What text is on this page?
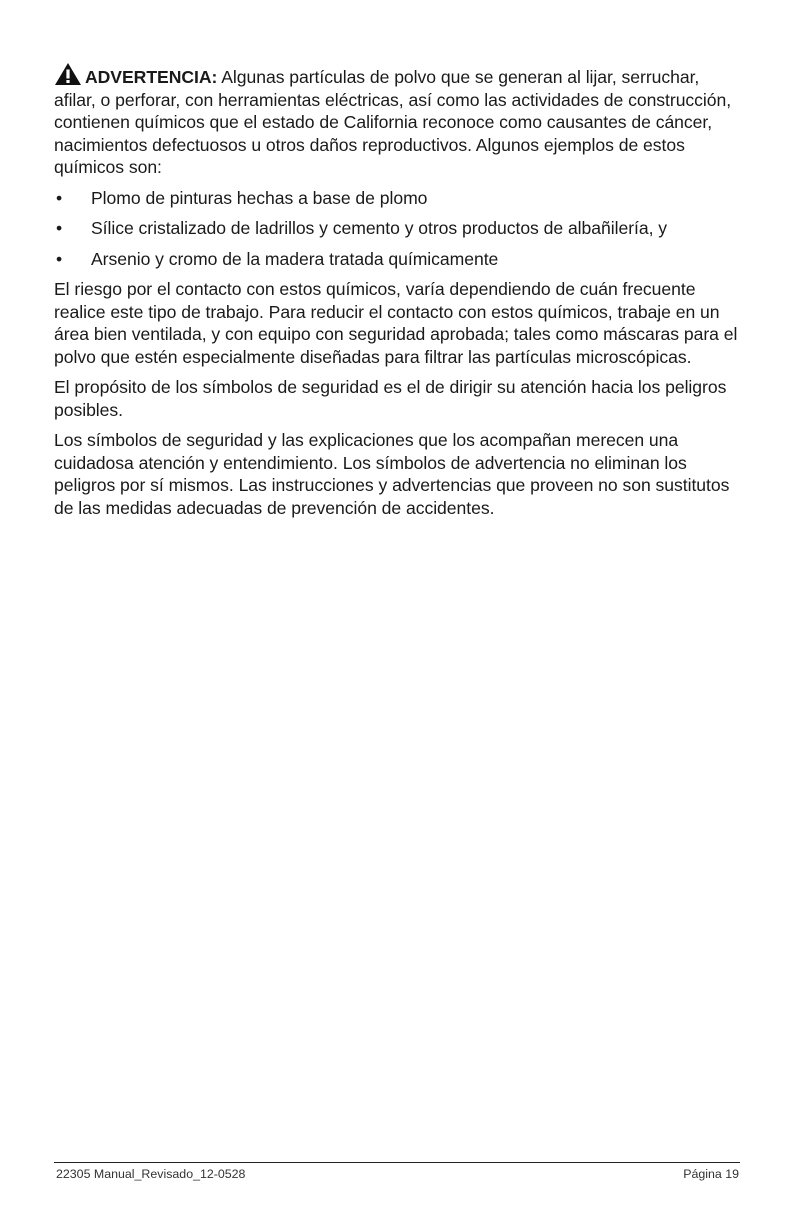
ADVERTENCIA: Algunas partículas de polvo que se generan al lijar, serruchar, afilar, o perforar, con herramientas eléctricas, así como las actividades de construcción, contienen químicos que el estado de California reconoce como causantes de cáncer, nacimientos defectuosos u otros daños reproductivos. Algunos ejemplos de estos químicos son:

• Plomo de pinturas hechas a base de plomo
• Sílice cristalizado de ladrillos y cemento y otros productos de albañilería, y
• Arsenio y cromo de la madera tratada químicamente

El riesgo por el contacto con estos químicos, varía dependiendo de cuán frecuente realice este tipo de trabajo. Para reducir el contacto con estos químicos, trabaje en un área bien ventilada, y con equipo con seguridad aprobada; tales como máscaras para el polvo que estén especialmente diseñadas para filtrar las partículas microscópicas.

El propósito de los símbolos de seguridad es el de dirigir su atención hacia los peligros posibles.

Los símbolos de seguridad y las explicaciones que los acompañan merecen una cuidadosa atención y entendimiento. Los símbolos de advertencia no eliminan los peligros por sí mismos. Las instrucciones y advertencias que proveen no son sustitutos de las medidas adecuadas de prevención de accidentes.

22305 Manual_Revisado_12-0528	Página 19
